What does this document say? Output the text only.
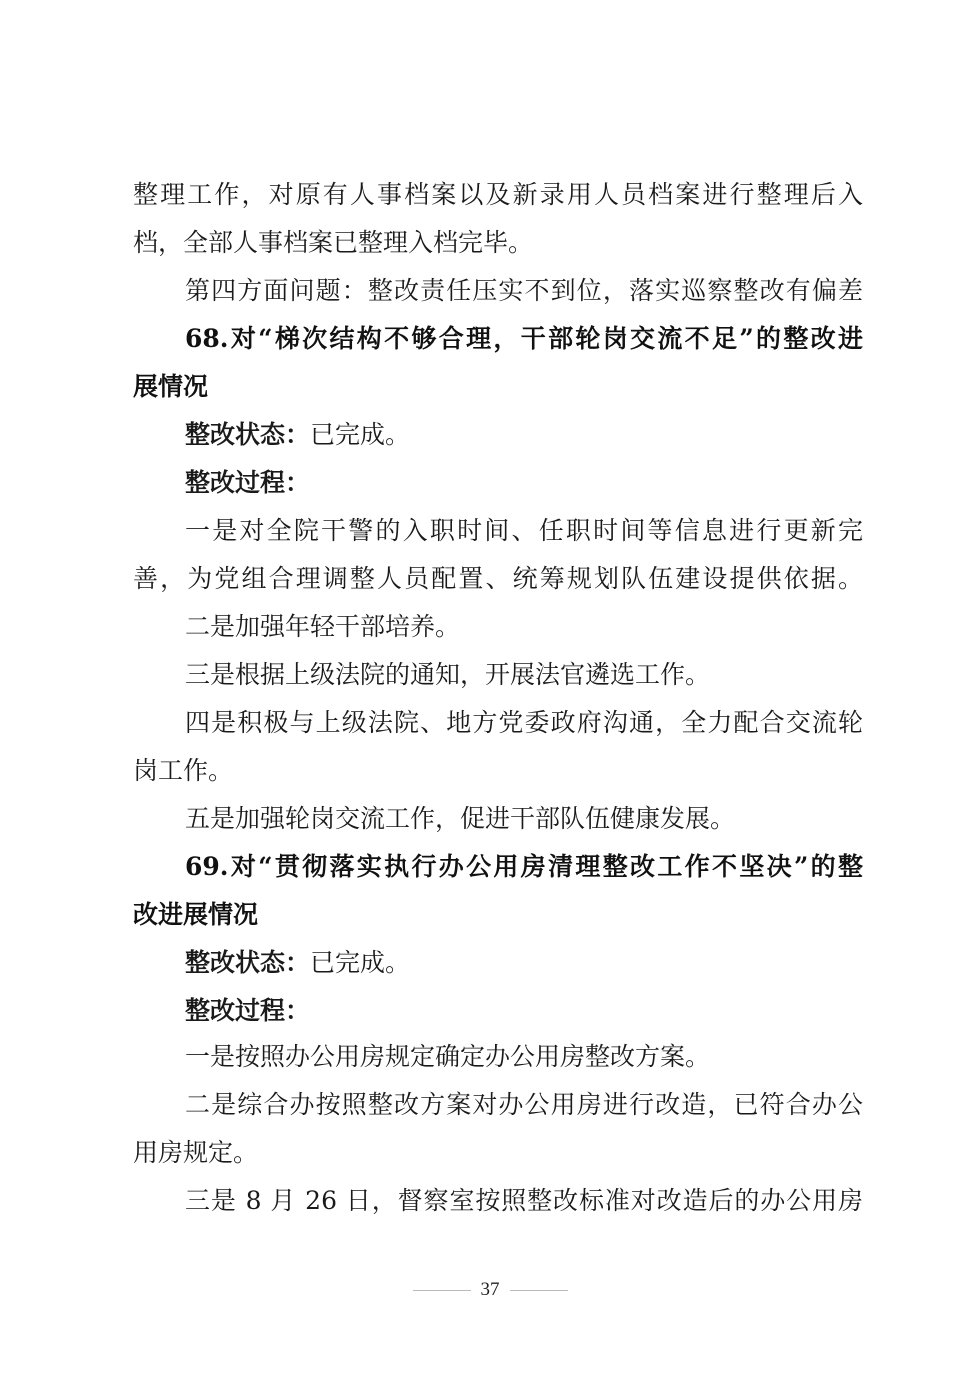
整理工作，对原有人事档案以及新录用人员档案进行整理后入
档，全部人事档案已整理入档完毕。
第四方面问题：整改责任压实不到位，落实巡察整改有偏差
68.对“梯次结构不够合理，干部轮岗交流不足”的整改进
展情况
整改状态：已完成。
整改过程：
一是对全院干警的入职时间、任职时间等信息进行更新完
善，为党组合理调整人员配置、统筹规划队伍建设提供依据。
二是加强年轻干部培养。
三是根据上级法院的通知，开展法官遴选工作。
四是积极与上级法院、地方党委政府沟通，全力配合交流轮
岗工作。
五是加强轮岗交流工作，促进干部队伍健康发展。
69.对“贯彻落实执行办公用房清理整改工作不坚决”的整
改进展情况
整改状态：已完成。
整改过程：
一是按照办公用房规定确定办公用房整改方案。
二是综合办按照整改方案对办公用房进行改造，已符合办公
用房规定。
三是 8 月 26 日，督察室按照整改标准对改造后的办公用房
37
